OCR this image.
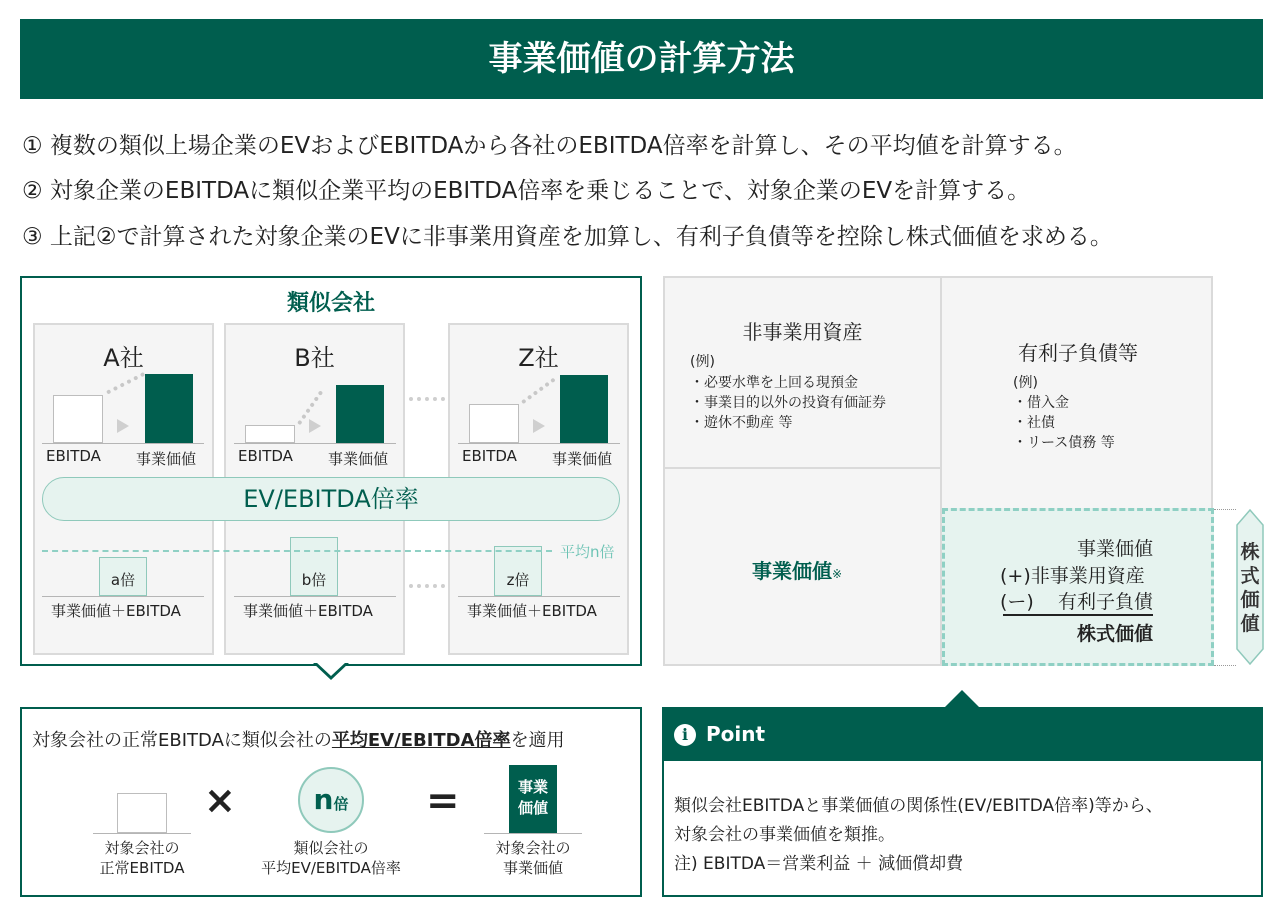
事業価値の計算方法
① 複数の類似上場企業のEVおよびEBITDAから各社のEBITDA倍率を計算し、その平均値を計算する。
② 対象企業のEBITDAに類似企業平均のEBITDA倍率を乗じることで、対象企業のEVを計算する。
③ 上記②で計算された対象企業のEVに非事業用資産を加算し、有利子負債等を控除し株式価値を求める。
類似会社
A社
EBITDA 事業価値
a倍
事業価値＋EBITDA
B社
EBITDA 事業価値
b倍
事業価値＋EBITDA
Z社
EBITDA 事業価値
z倍
事業価値＋EBITDA
EV/EBITDA倍率
平均n倍
非事業用資産
(例)
・必要水準を上回る現預金
・事業目的以外の投資有価証券
・遊休不動産 等
有利子負債等
(例)
・借入金
・社債
・リース債務 等
事業価値※
事業価値
(+)非事業用資産
(ー) 有利子負債
株式価値
株
式
価
値
対象会社の正常EBITDAに類似会社の平均EV/EBITDA倍率を適用
×	n倍	=	事業
価値
対象会社の
正常EBITDA
類似会社の
平均EV/EBITDA倍率
対象会社の
事業価値
i Point
類似会社EBITDAと事業価値の関係性(EV/EBITDA倍率)等から、
対象会社の事業価値を類推。
注) EBITDA＝営業利益 ＋ 減価償却費
